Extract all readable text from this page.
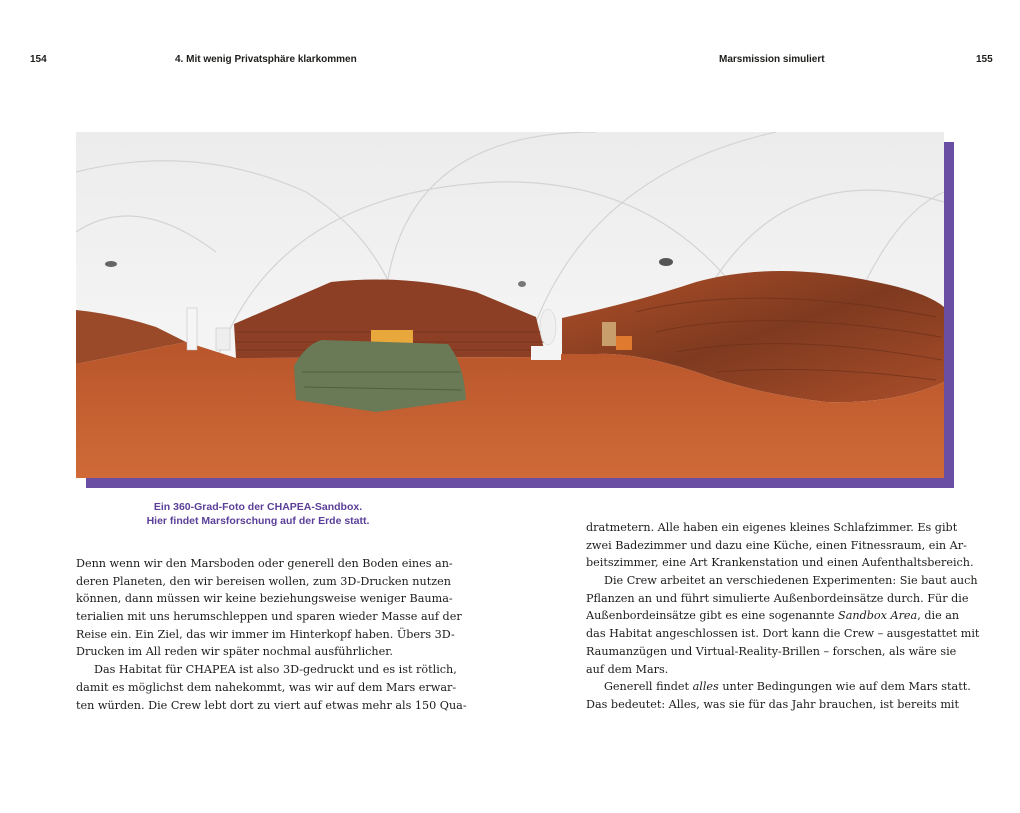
154	4. Mit wenig Privatsphäre klarkommen	Marsmission simuliert	155
Ein 360-Grad-Foto der CHAPEA-Sandbox.
Hier findet Marsforschung auf der Erde statt.
Denn wenn wir den Marsboden oder generell den Boden eines an-
deren Planeten, den wir bereisen wollen, zum 3D-Drucken nutzen
können, dann müssen wir keine beziehungsweise weniger Bauma-
terialien mit uns herumschleppen und sparen wieder Masse auf der
Reise ein. Ein Ziel, das wir immer im Hinterkopf haben. Übers 3D-
Drucken im All reden wir später nochmal ausführlicher.
Das Habitat für CHAPEA ist also 3D-gedruckt und es ist rötlich,
damit es möglichst dem nahekommt, was wir auf dem Mars erwar-
ten würden. Die Crew lebt dort zu viert auf etwas mehr als 150 Qua-
dratmetern. Alle haben ein eigenes kleines Schlafzimmer. Es gibt
zwei Badezimmer und dazu eine Küche, einen Fitnessraum, ein Ar-
beitszimmer, eine Art Krankenstation und einen Aufenthaltsbereich.
Die Crew arbeitet an verschiedenen Experimenten: Sie baut auch
Pflanzen an und führt simulierte Außenbordeinsätze durch. Für die
Außenbordeinsätze gibt es eine sogenannte Sandbox Area, die an
das Habitat angeschlossen ist. Dort kann die Crew – ausgestattet mit
Raumanzügen und Virtual-Reality-Brillen – forschen, als wäre sie
auf dem Mars.
Generell findet alles unter Bedingungen wie auf dem Mars statt.
Das bedeutet: Alles, was sie für das Jahr brauchen, ist bereits mit
